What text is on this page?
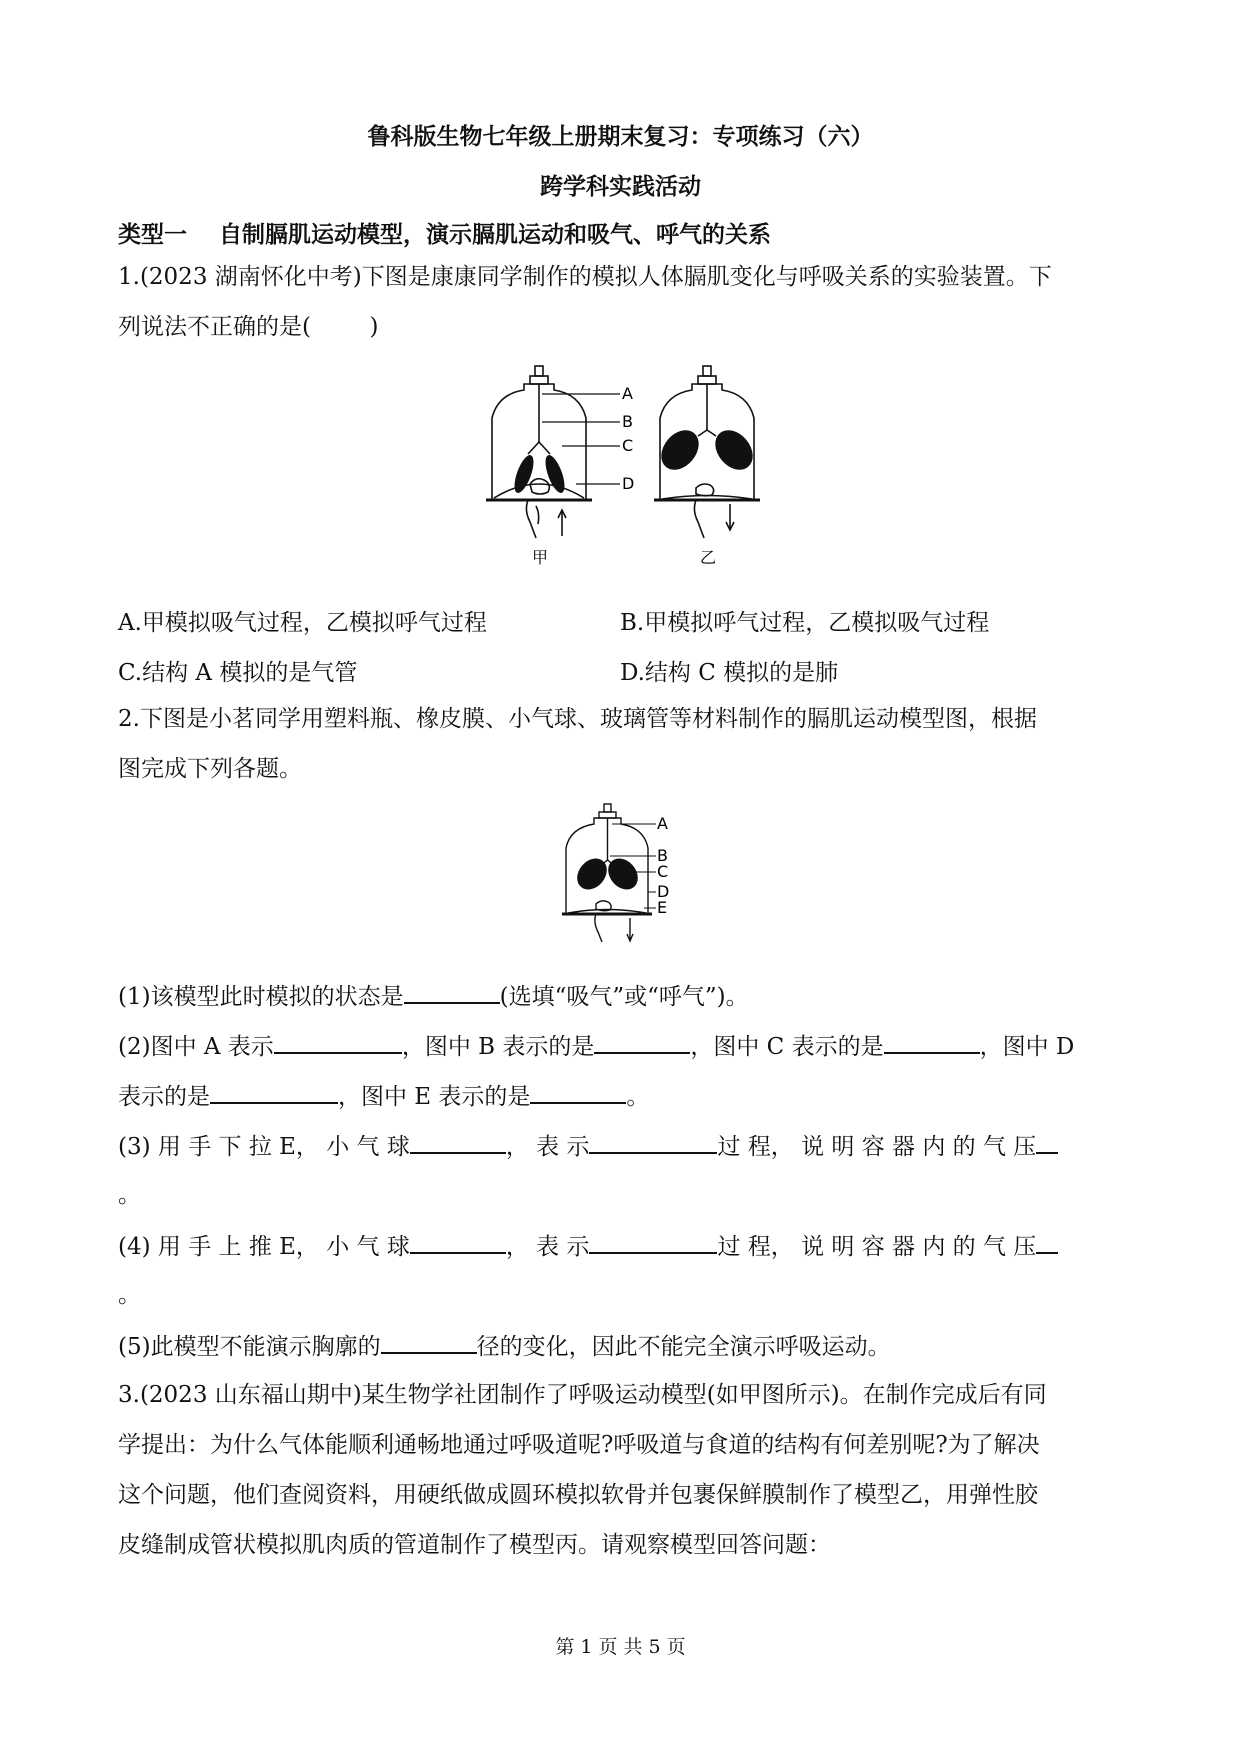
鲁科版生物七年级上册期末复习：专项练习（六）
跨学科实践活动
类型一    自制膈肌运动模型，演示膈肌运动和吸气、呼气的关系
1.(2023 湖南怀化中考)下图是康康同学制作的模拟人体膈肌变化与呼吸关系的实验装置。下
列说法不正确的是(        )
A
B
C
D
甲	乙
A.甲模拟吸气过程，乙模拟呼气过程	B.甲模拟呼气过程，乙模拟吸气过程
C.结构 A 模拟的是气管	D.结构 C 模拟的是肺
2.下图是小茗同学用塑料瓶、橡皮膜、小气球、玻璃管等材料制作的膈肌运动模型图，根据
图完成下列各题。
A
B
C
D
E
(1)该模型此时模拟的状态是	(选填“吸气”或“呼气”)。
(2)图中 A 表示	，图中 B 表示的是	，图中 C 表示的是	，图中 D
表示的是	，图中 E 表示的是	。
(3) 用 手 下 拉 E， 小 气 球	， 表 示	过 程， 说 明 容 器 内 的 气 压
。
(4) 用 手 上 推 E， 小 气 球	， 表 示	过 程， 说 明 容 器 内 的 气 压
。
(5)此模型不能演示胸廓的	径的变化，因此不能完全演示呼吸运动。
3.(2023 山东福山期中)某生物学社团制作了呼吸运动模型(如甲图所示)。在制作完成后有同
学提出：为什么气体能顺利通畅地通过呼吸道呢?呼吸道与食道的结构有何差别呢?为了解决
这个问题，他们查阅资料，用硬纸做成圆环模拟软骨并包裹保鲜膜制作了模型乙，用弹性胶
皮缝制成管状模拟肌肉质的管道制作了模型丙。请观察模型回答问题：
第 1 页 共 5 页
